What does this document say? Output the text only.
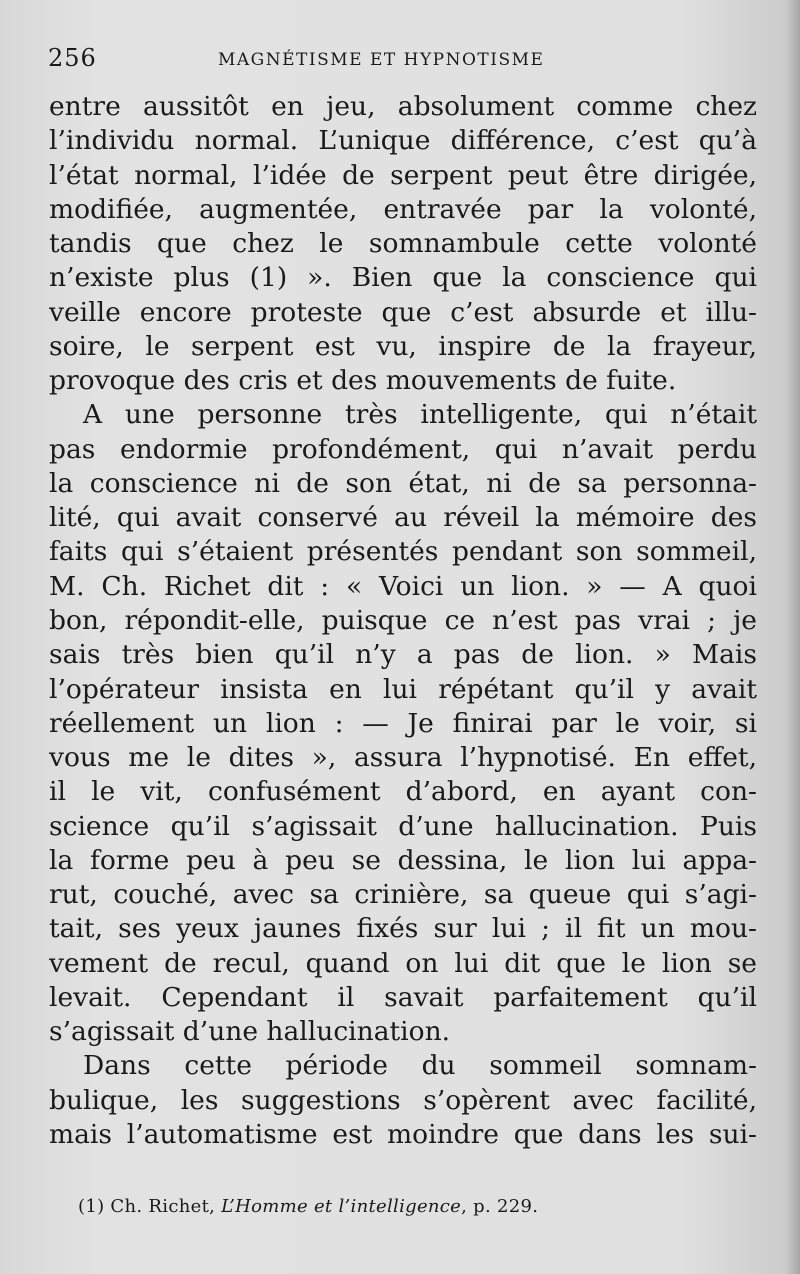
256	MAGNÉTISME ET HYPNOTISME
entre aussitôt en jeu, absolument comme chez
l’individu normal. L’unique différence, c’est qu’à
l’état normal, l’idée de serpent peut être dirigée,
modifiée, augmentée, entravée par la volonté,
tandis que chez le somnambule cette volonté
n’existe plus (1) ». Bien que la conscience qui
veille encore proteste que c’est absurde et illu-
soire, le serpent est vu, inspire de la frayeur,
provoque des cris et des mouvements de fuite.
A une personne très intelligente, qui n’était
pas endormie profondément, qui n’avait perdu
la conscience ni de son état, ni de sa personna-
lité, qui avait conservé au réveil la mémoire des
faits qui s’étaient présentés pendant son sommeil,
M. Ch. Richet dit : « Voici un lion. » — A quoi
bon, répondit-elle, puisque ce n’est pas vrai ; je
sais très bien qu’il n’y a pas de lion. » Mais
l’opérateur insista en lui répétant qu’il y avait
réellement un lion : — Je finirai par le voir, si
vous me le dites », assura l’hypnotisé. En effet,
il le vit, confusément d’abord, en ayant con-
science qu’il s’agissait d’une hallucination. Puis
la forme peu à peu se dessina, le lion lui appa-
rut, couché, avec sa crinière, sa queue qui s’agi-
tait, ses yeux jaunes fixés sur lui ; il fit un mou-
vement de recul, quand on lui dit que le lion se
levait. Cependant il savait parfaitement qu’il
s’agissait d’une hallucination.
Dans cette période du sommeil somnam-
bulique, les suggestions s’opèrent avec facilité,
mais l’automatisme est moindre que dans les sui-
(1) Ch. Richet, L’Homme et l’intelligence, p. 229.
